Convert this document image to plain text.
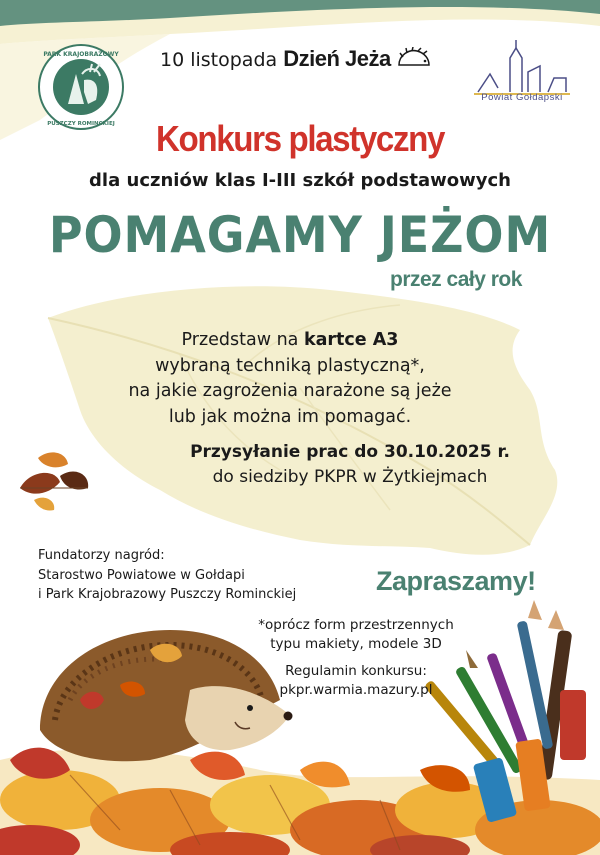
PARK KRAJOBRAZOWY
PUSZCZY ROMINCKIEJ
10 listopada Dzień Jeża
Powiat Gołdapski
Konkurs plastyczny
dla uczniów klas I-III szkół podstawowych
POMAGAMY JEŻOM
przez cały rok
Przedstaw na kartce A3
wybraną techniką plastyczną*,
na jakie zagrożenia narażone są jeże
lub jak można im pomagać.
Przysyłanie prac do 30.10.2025 r.
do siedziby PKPR w Żytkiejmach
Fundatorzy nagród:
Starostwo Powiatowe w Gołdapi
i Park Krajobrazowy Puszczy Rominckiej	Zapraszamy!
*oprócz form przestrzennych
typu makiety, modele 3D
Regulamin konkursu:
pkpr.warmia.mazury.pl
